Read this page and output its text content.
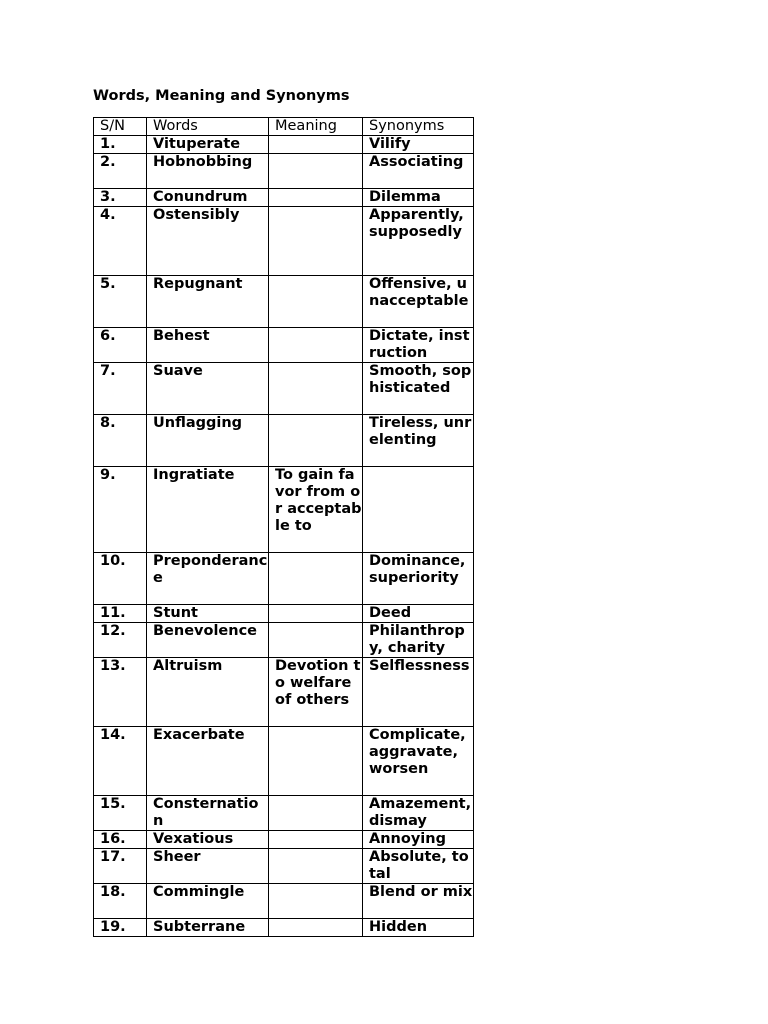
Words, Meaning and Synonyms
S/N	Words	Meaning	Synonyms
1.	Vituperate		Vilify
2.	Hobnobbing		Associating
3.	Conundrum		Dilemma
4.	Ostensibly		Apparently, supposedly
5.	Repugnant		Offensive, unacceptable
6.	Behest		Dictate, instruction
7.	Suave		Smooth, sophisticated
8.	Unflagging		Tireless, unrelenting
9.	Ingratiate	To gain favor from or acceptable to	
10.	Preponderance		Dominance, superiority
11.	Stunt		Deed
12.	Benevolence		Philanthropy, charity
13.	Altruism	Devotion to welfare of others	Selflessness
14.	Exacerbate		Complicate, aggravate, worsen
15.	Consternation		Amazement, dismay
16.	Vexatious		Annoying
17.	Sheer		Absolute, total
18.	Commingle		Blend or mix
19.	Subterrane		Hidden
